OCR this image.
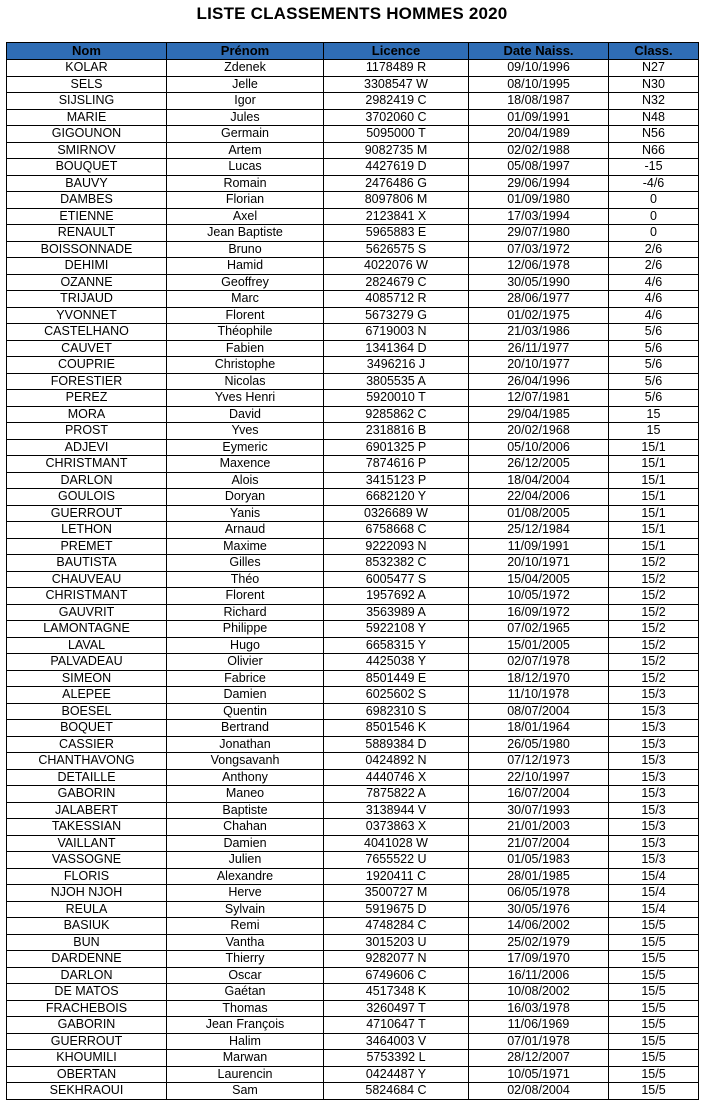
LISTE CLASSEMENTS HOMMES 2020
Nom	Prénom	Licence	Date Naiss.	Class.
KOLAR	Zdenek	1178489 R	09/10/1996	N27
SELS	Jelle	3308547 W	08/10/1995	N30
SIJSLING	Igor	2982419 C	18/08/1987	N32
MARIE	Jules	3702060 C	01/09/1991	N48
GIGOUNON	Germain	5095000 T	20/04/1989	N56
SMIRNOV	Artem	9082735 M	02/02/1988	N66
BOUQUET	Lucas	4427619 D	05/08/1997	-15
BAUVY	Romain	2476486 G	29/06/1994	-4/6
DAMBES	Florian	8097806 M	01/09/1980	0
ETIENNE	Axel	2123841 X	17/03/1994	0
RENAULT	Jean Baptiste	5965883 E	29/07/1980	0
BOISSONNADE	Bruno	5626575 S	07/03/1972	2/6
DEHIMI	Hamid	4022076 W	12/06/1978	2/6
OZANNE	Geoffrey	2824679 C	30/05/1990	4/6
TRIJAUD	Marc	4085712 R	28/06/1977	4/6
YVONNET	Florent	5673279 G	01/02/1975	4/6
CASTELHANO	Théophile	6719003 N	21/03/1986	5/6
CAUVET	Fabien	1341364 D	26/11/1977	5/6
COUPRIE	Christophe	3496216 J	20/10/1977	5/6
FORESTIER	Nicolas	3805535 A	26/04/1996	5/6
PEREZ	Yves Henri	5920010 T	12/07/1981	5/6
MORA	David	9285862 C	29/04/1985	15
PROST	Yves	2318816 B	20/02/1968	15
ADJEVI	Eymeric	6901325 P	05/10/2006	15/1
CHRISTMANT	Maxence	7874616 P	26/12/2005	15/1
DARLON	Alois	3415123 P	18/04/2004	15/1
GOULOIS	Doryan	6682120 Y	22/04/2006	15/1
GUERROUT	Yanis	0326689 W	01/08/2005	15/1
LETHON	Arnaud	6758668 C	25/12/1984	15/1
PREMET	Maxime	9222093 N	11/09/1991	15/1
BAUTISTA	Gilles	8532382 C	20/10/1971	15/2
CHAUVEAU	Théo	6005477 S	15/04/2005	15/2
CHRISTMANT	Florent	1957692 A	10/05/1972	15/2
GAUVRIT	Richard	3563989 A	16/09/1972	15/2
LAMONTAGNE	Philippe	5922108 Y	07/02/1965	15/2
LAVAL	Hugo	6658315 Y	15/01/2005	15/2
PALVADEAU	Olivier	4425038 Y	02/07/1978	15/2
SIMEON	Fabrice	8501449 E	18/12/1970	15/2
ALEPEE	Damien	6025602 S	11/10/1978	15/3
BOESEL	Quentin	6982310 S	08/07/2004	15/3
BOQUET	Bertrand	8501546 K	18/01/1964	15/3
CASSIER	Jonathan	5889384 D	26/05/1980	15/3
CHANTHAVONG	Vongsavanh	0424892 N	07/12/1973	15/3
DETAILLE	Anthony	4440746 X	22/10/1997	15/3
GABORIN	Maneo	7875822 A	16/07/2004	15/3
JALABERT	Baptiste	3138944 V	30/07/1993	15/3
TAKESSIAN	Chahan	0373863 X	21/01/2003	15/3
VAILLANT	Damien	4041028 W	21/07/2004	15/3
VASSOGNE	Julien	7655522 U	01/05/1983	15/3
FLORIS	Alexandre	1920411 C	28/01/1985	15/4
NJOH NJOH	Herve	3500727 M	06/05/1978	15/4
REULA	Sylvain	5919675 D	30/05/1976	15/4
BASIUK	Remi	4748284 C	14/06/2002	15/5
BUN	Vantha	3015203 U	25/02/1979	15/5
DARDENNE	Thierry	9282077 N	17/09/1970	15/5
DARLON	Oscar	6749606 C	16/11/2006	15/5
DE MATOS	Gaétan	4517348 K	10/08/2002	15/5
FRACHEBOIS	Thomas	3260497 T	16/03/1978	15/5
GABORIN	Jean François	4710647 T	11/06/1969	15/5
GUERROUT	Halim	3464003 V	07/01/1978	15/5
KHOUMILI	Marwan	5753392 L	28/12/2007	15/5
OBERTAN	Laurencin	0424487 Y	10/05/1971	15/5
SEKHRAOUI	Sam	5824684 C	02/08/2004	15/5
